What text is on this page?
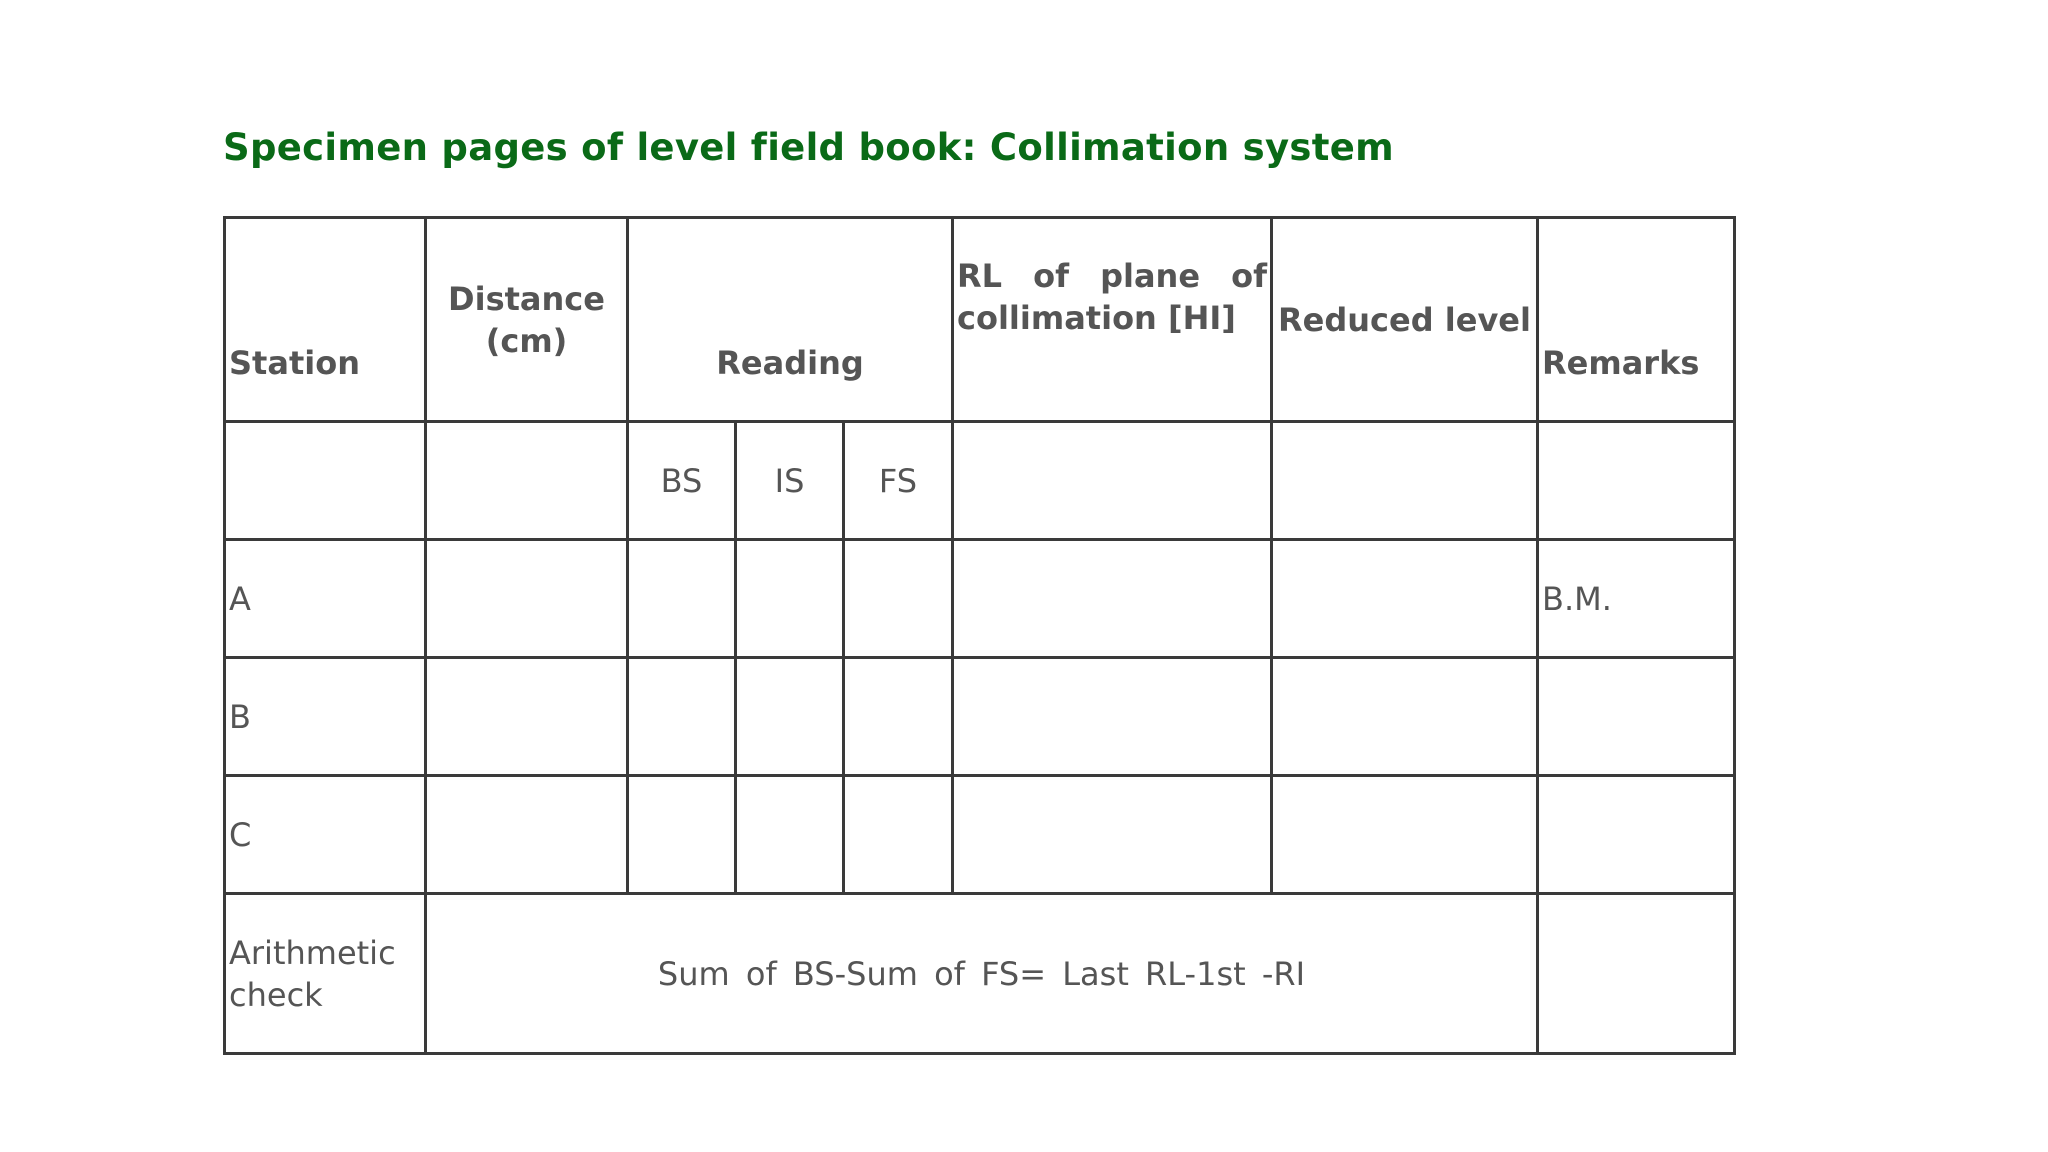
Specimen pages of level field book: Collimation system
Station	Distance (cm)	Reading			RL of plane of collimation [HI]	Reduced level	Remarks
		BS	IS	FS			
A							B.M.
B							
C							
Arithmetic check	Sum of BS-Sum of FS= Last RL-1st -RI						
